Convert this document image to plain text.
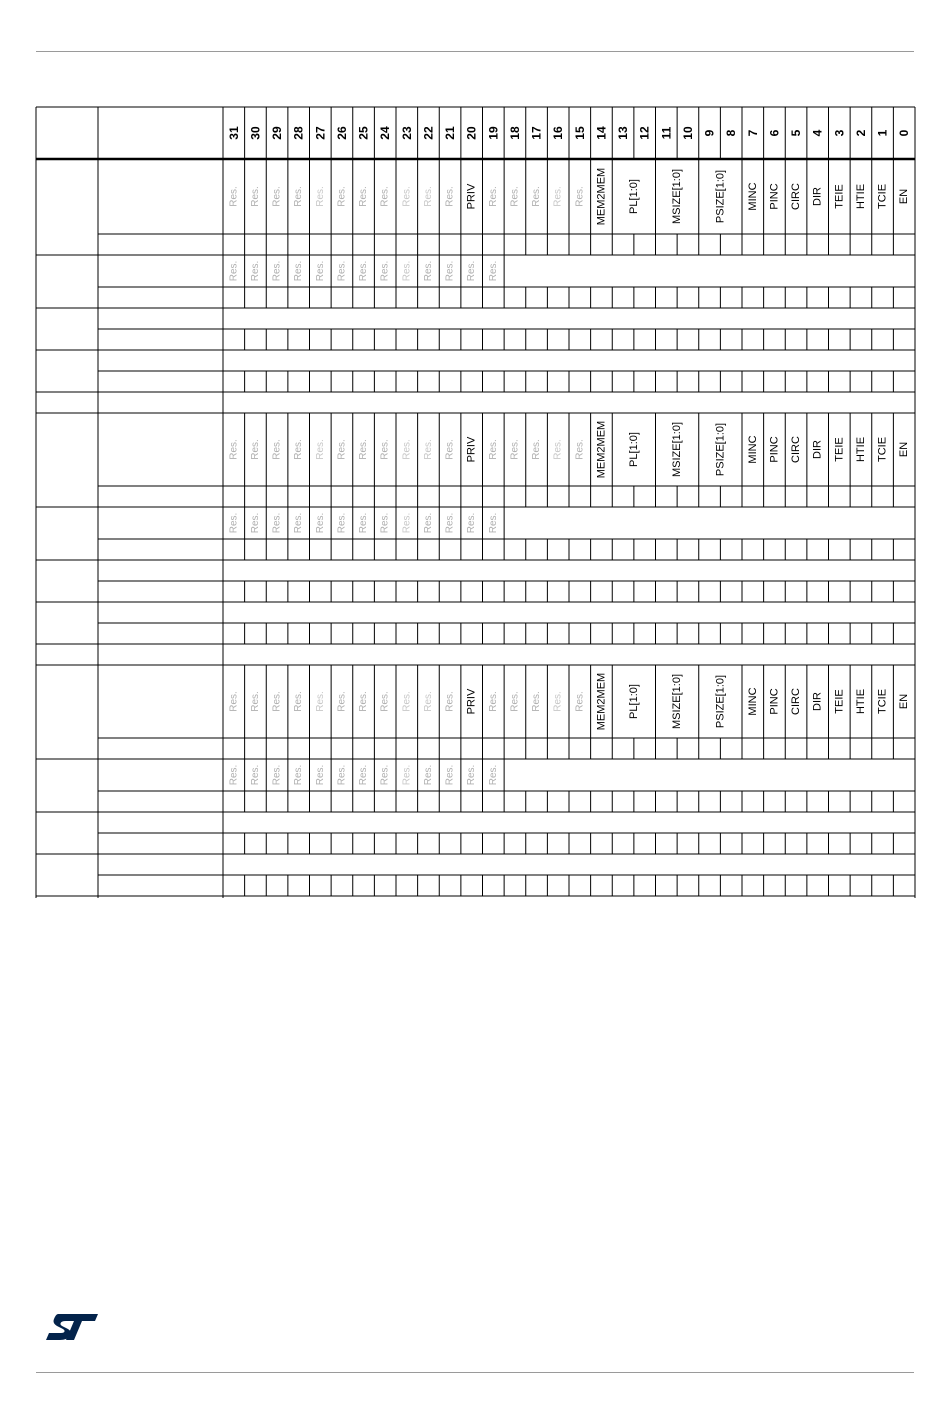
31 30 29 28 27 26 25 24 23 22 21 20 19 18 17 16 15 14 13 12 11 10 9 8 7 6 5 4 3 2 1 0
Res. Res. Res. Res. Res. Res. Res. Res. Res. Res. Res. PRIV Res. Res. Res. Res. Res. MEM2MEM PL[1:0]	MSIZE[1:0]	PSIZE[1:0] MINC PINC CIRC DIR TEIE HTIE TCIE EN
Res. Res. Res. Res. Res. Res. Res. Res. Res. Res. Res. Res. Res.
Res. Res. Res. Res. Res. Res. Res. Res. Res. Res. Res. PRIV Res. Res. Res. Res. Res. MEM2MEM PL[1:0]	MSIZE[1:0]	PSIZE[1:0] MINC PINC CIRC DIR TEIE HTIE TCIE EN
Res. Res. Res. Res. Res. Res. Res. Res. Res. Res. Res. Res. Res.
Res. Res. Res. Res. Res. Res. Res. Res. Res. Res. Res. PRIV Res. Res. Res. Res. Res. MEM2MEM PL[1:0]	MSIZE[1:0]	PSIZE[1:0] MINC PINC CIRC DIR TEIE HTIE TCIE EN
Res. Res. Res. Res. Res. Res. Res. Res. Res. Res. Res. Res. Res.
